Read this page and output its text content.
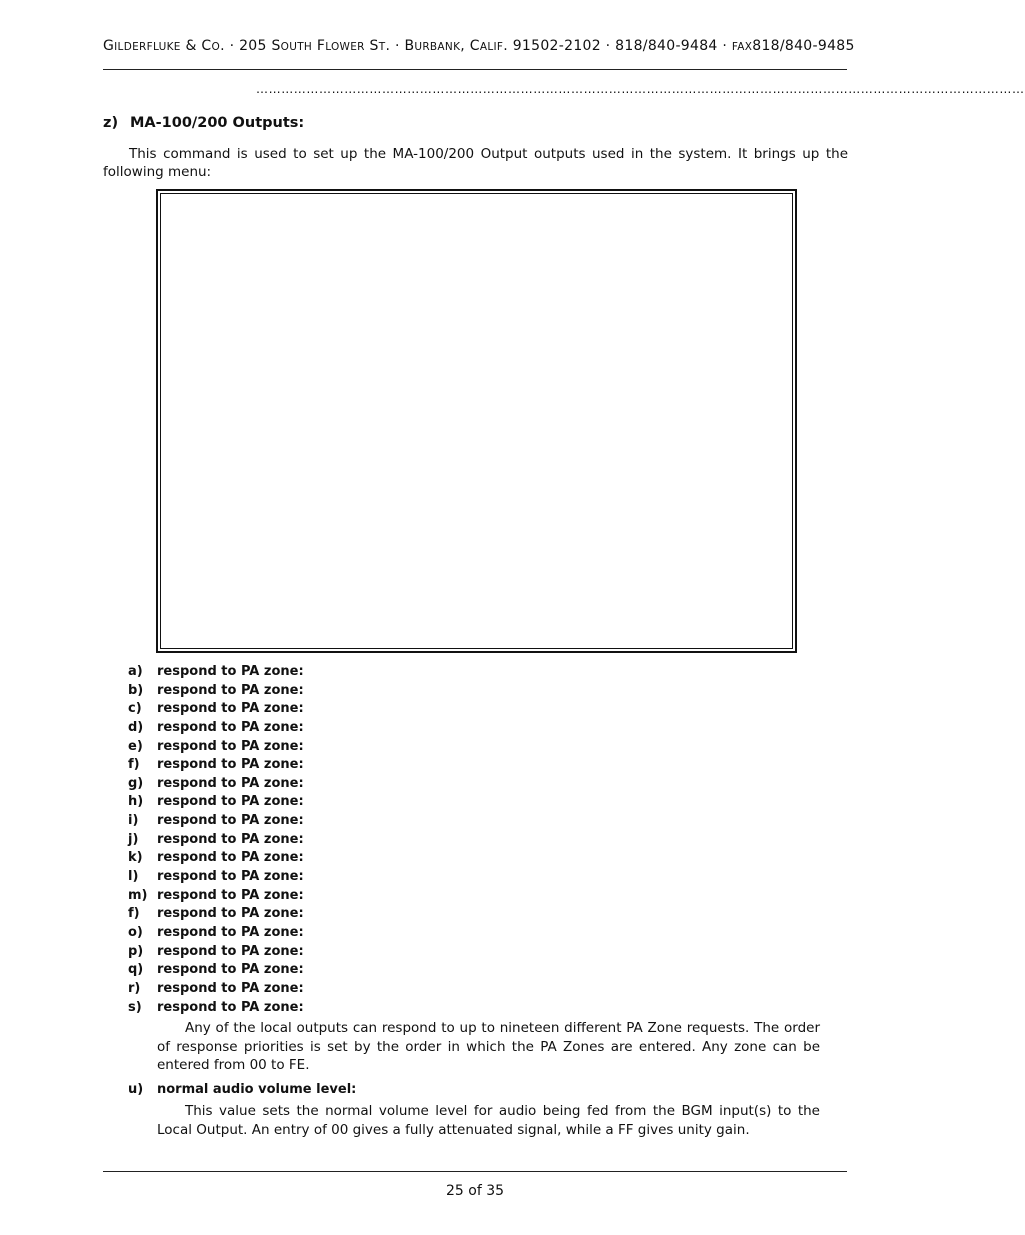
GILDERFLUKE & CO. · 205 SOUTH FLOWER ST. · BURBANK, CALIF. 91502-2102 · 818/840-9484 · FAX818/840-9485
…………………………………………………………………………………………………………………………………………………………………
z) MA-100/200 Outputs:

This command is used to set up the MA-100/200 Output outputs used in the system. It brings up the following menu:

a) respond to PA zone:
b) respond to PA zone:
c) respond to PA zone:
d) respond to PA zone:
e) respond to PA zone:
f) respond to PA zone:
g) respond to PA zone:
h) respond to PA zone:
i) respond to PA zone:
j) respond to PA zone:
k) respond to PA zone:
l) respond to PA zone:
m) respond to PA zone:
f) respond to PA zone:
o) respond to PA zone:
p) respond to PA zone:
q) respond to PA zone:
r) respond to PA zone:
s) respond to PA zone:

Any of the local outputs can respond to up to nineteen different PA Zone requests. The order of response priorities is set by the order in which the PA Zones are entered. Any zone can be entered from 00 to FE.

u) normal audio volume level:

This value sets the normal volume level for audio being fed from the BGM input(s) to the Local Output. An entry of 00 gives a fully attenuated signal, while a FF gives unity gain.

25 of 35
